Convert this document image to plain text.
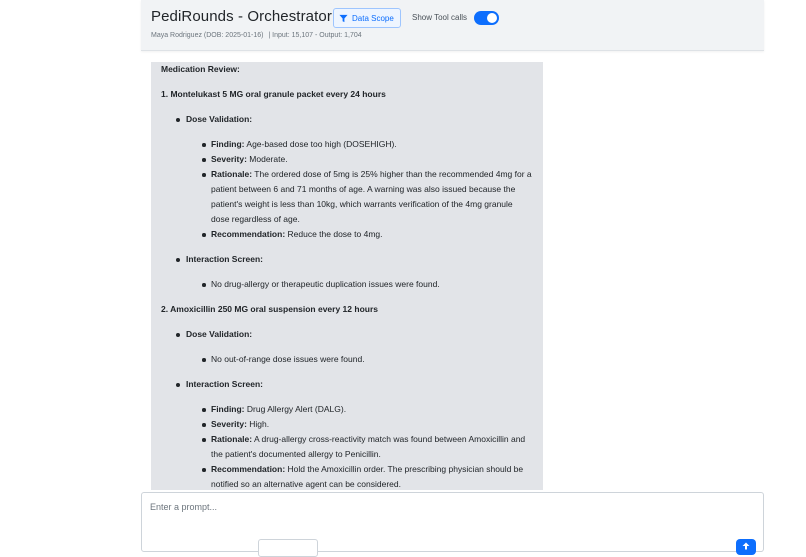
PediRounds - Orchestrator	Data Scope Show Tool calls
Maya Rodriguez (DOB: 2025-01-16) | Input: 15,107 - Output: 1,704

Medication Review:

1. Montelukast 5 MG oral granule packet every 24 hours

Dose Validation:
Finding: Age-based dose too high (DOSEHIGH).
Severity: Moderate.
Rationale: The ordered dose of 5mg is 25% higher than the recommended 4mg for a patient between 6 and 71 months of age. A warning was also issued because the patient's weight is less than 10kg, which warrants verification of the 4mg granule dose regardless of age.
Recommendation: Reduce the dose to 4mg.
Interaction Screen:
No drug-allergy or therapeutic duplication issues were found.

2. Amoxicillin 250 MG oral suspension every 12 hours

Dose Validation:
No out-of-range dose issues were found.
Interaction Screen:
Finding: Drug Allergy Alert (DALG).
Severity: High.
Rationale: A drug-allergy cross-reactivity match was found between Amoxicillin and the patient's documented allergy to Penicillin.
Recommendation: Hold the Amoxicillin order. The prescribing physician should be notified so an alternative agent can be considered.
Enter a prompt...
